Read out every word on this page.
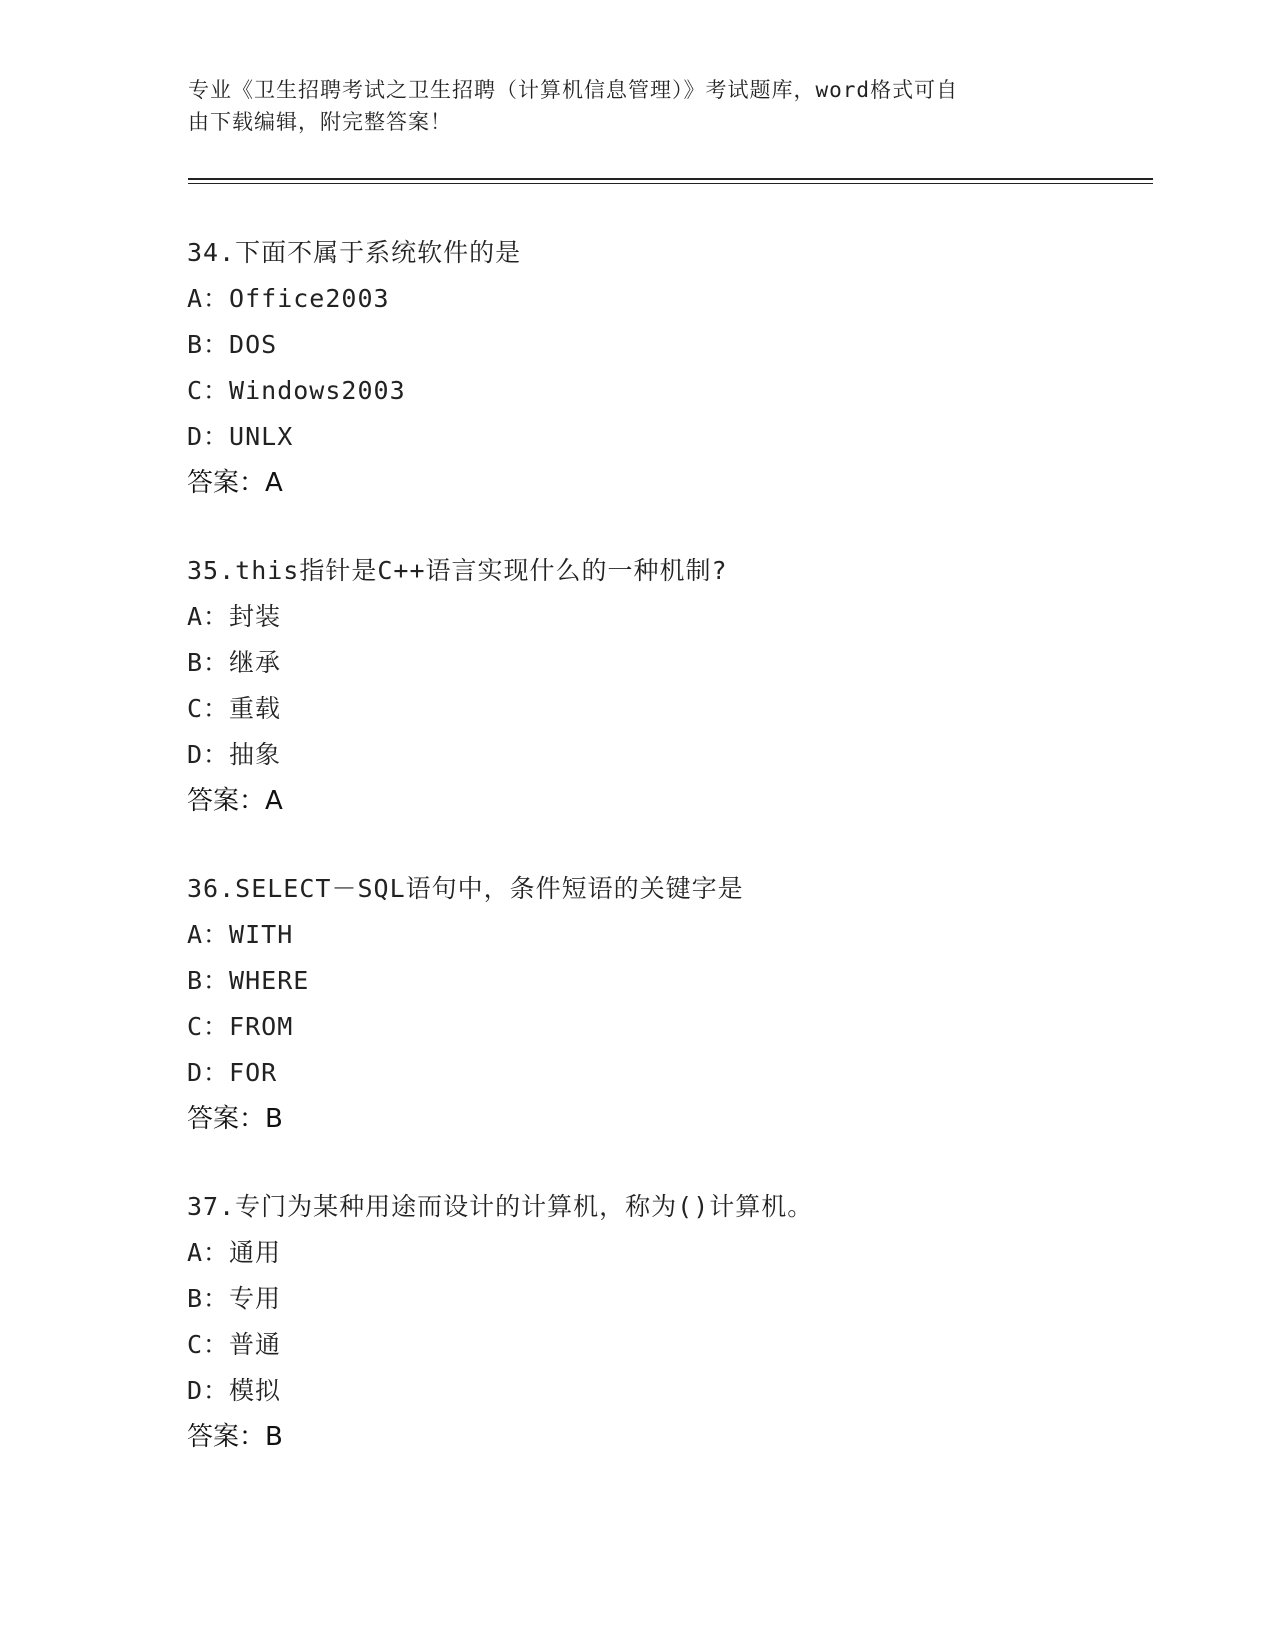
专业《卫生招聘考试之卫生招聘（计算机信息管理）》考试题库，word格式可自
由下载编辑，附完整答案！
34.下面不属于系统软件的是
A：Office2003
B：DOS
C：Windows2003
D：UNLX
答案：A
35.this指针是C++语言实现什么的一种机制?
A：封装
B：继承
C：重载
D：抽象
答案：A
36.SELECT－SQL语句中，条件短语的关键字是
A：WITH
B：WHERE
C：FROM
D：FOR
答案：B
37.专门为某种用途而设计的计算机，称为()计算机。
A：通用
B：专用
C：普通
D：模拟
答案：B
